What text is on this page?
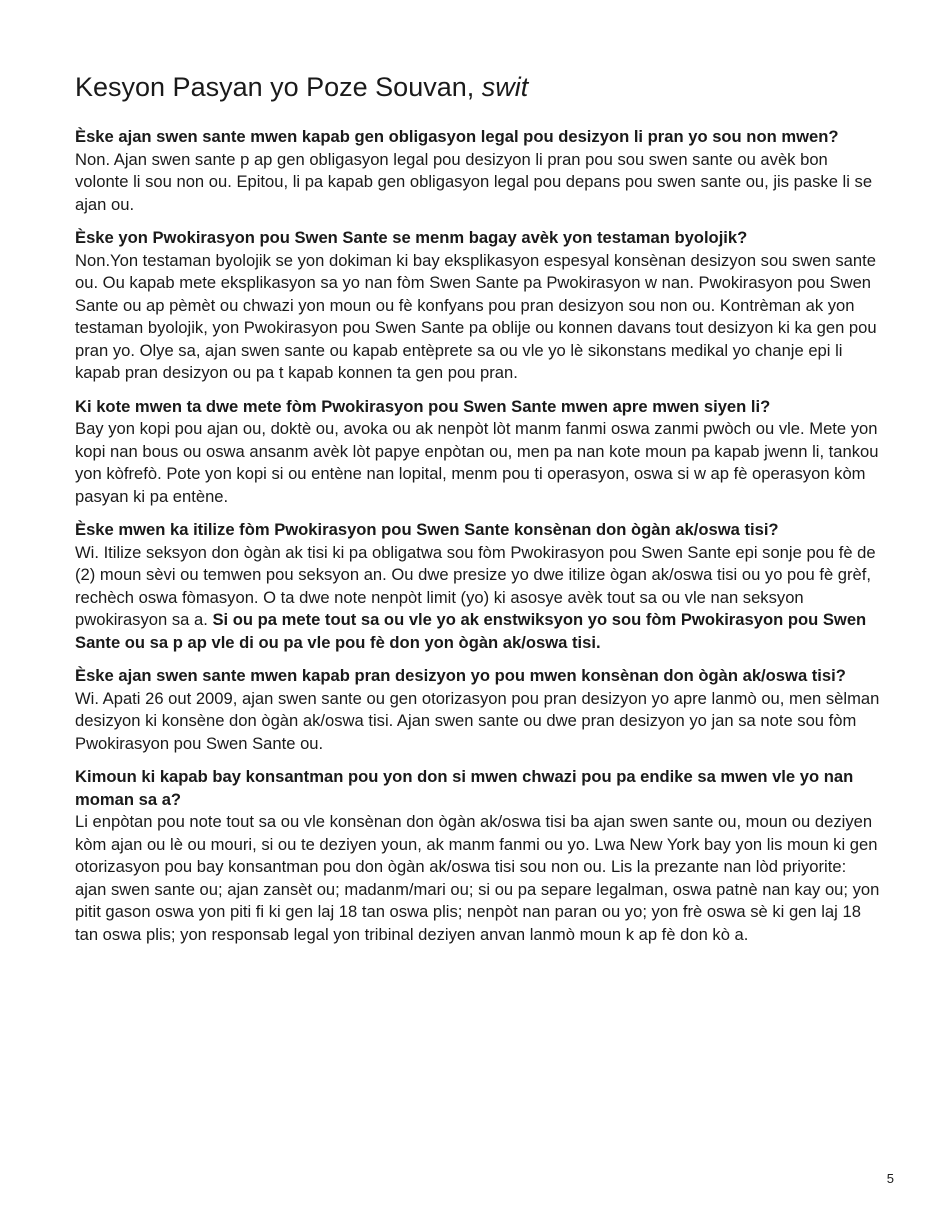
Kesyon Pasyan yo Poze Souvan, swit

Èske ajan swen sante mwen kapab gen obligasyon legal pou desizyon li pran yo sou non mwen?

Non. Ajan swen sante p ap gen obligasyon legal pou desizyon li pran pou sou swen sante ou avèk bon volonte li sou non ou. Epitou, li pa kapab gen obligasyon legal pou depans pou swen sante ou, jis paske li se ajan ou.

Èske yon Pwokirasyon pou Swen Sante se menm bagay avèk yon testaman byolojik?

Non.Yon testaman byolojik se yon dokiman ki bay eksplikasyon espesyal konsènan desizyon sou swen sante ou. Ou kapab mete eksplikasyon sa yo nan fòm Swen Sante pa Pwokirasyon w nan. Pwokirasyon pou Swen Sante ou ap pèmèt ou chwazi yon moun ou fè konfyans pou pran desizyon sou non ou. Kontrèman ak yon testaman byolojik, yon Pwokirasyon pou Swen Sante pa oblije ou konnen davans tout desizyon ki ka gen pou pran yo. Olye sa, ajan swen sante ou kapab entèprete sa ou vle yo lè sikonstans medikal yo chanje epi li kapab pran desizyon ou pa t kapab konnen ta gen pou pran.

Ki kote mwen ta dwe mete fòm Pwokirasyon pou Swen Sante mwen apre mwen siyen li?

Bay yon kopi pou ajan ou, doktè ou, avoka ou ak nenpòt lòt manm fanmi oswa zanmi pwòch ou vle. Mete yon kopi nan bous ou oswa ansanm avèk lòt papye enpòtan ou, men pa nan kote moun pa kapab jwenn li, tankou yon kòfrefò. Pote yon kopi si ou entène nan lopital, menm pou ti operasyon, oswa si w ap fè operasyon kòm pasyan ki pa entène.

Èske mwen ka itilize fòm Pwokirasyon pou Swen Sante konsènan don ògàn ak/oswa tisi?

Wi. Itilize seksyon don ògàn ak tisi ki pa obligatwa sou fòm Pwokirasyon pou Swen Sante epi sonje pou fè de (2) moun sèvi ou temwen pou seksyon an. Ou dwe presize yo dwe itilize ògan ak/oswa tisi ou yo pou fè grèf, rechèch oswa fòmasyon. O ta dwe note nenpòt limit (yo) ki asosye avèk tout sa ou vle nan seksyon pwokirasyon sa a. Si ou pa mete tout sa ou vle yo ak enstwiksyon yo sou fòm Pwokirasyon pou Swen Sante ou sa p ap vle di ou pa vle pou fè don yon ògàn ak/oswa tisi.

Èske ajan swen sante mwen kapab pran desizyon yo pou mwen konsènan don ògàn ak/oswa tisi?

Wi. Apati 26 out 2009, ajan swen sante ou gen otorizasyon pou pran desizyon yo apre lanmò ou, men sèlman desizyon ki konsène don ògàn ak/oswa tisi. Ajan swen sante ou dwe pran desizyon yo jan sa note sou fòm Pwokirasyon pou Swen Sante ou.

Kimoun ki kapab bay konsantman pou yon don si mwen chwazi pou pa endike sa mwen vle yo nan moman sa a?

Li enpòtan pou note tout sa ou vle konsènan don ògàn ak/oswa tisi ba ajan swen sante ou, moun ou deziyen kòm ajan ou lè ou mouri, si ou te deziyen youn, ak manm fanmi ou yo. Lwa New York bay yon lis moun ki gen otorizasyon pou bay konsantman pou don ògàn ak/oswa tisi sou non ou. Lis la prezante nan lòd priyorite: ajan swen sante ou; ajan zansèt ou; madanm/mari ou; si ou pa separe legalman, oswa patnè nan kay ou; yon pitit gason oswa yon piti fi ki gen laj 18 tan oswa plis; nenpòt nan paran ou yo; yon frè oswa sè ki gen laj 18 tan oswa plis; yon responsab legal yon tribinal deziyen anvan lanmò moun k ap fè don kò a.

5
